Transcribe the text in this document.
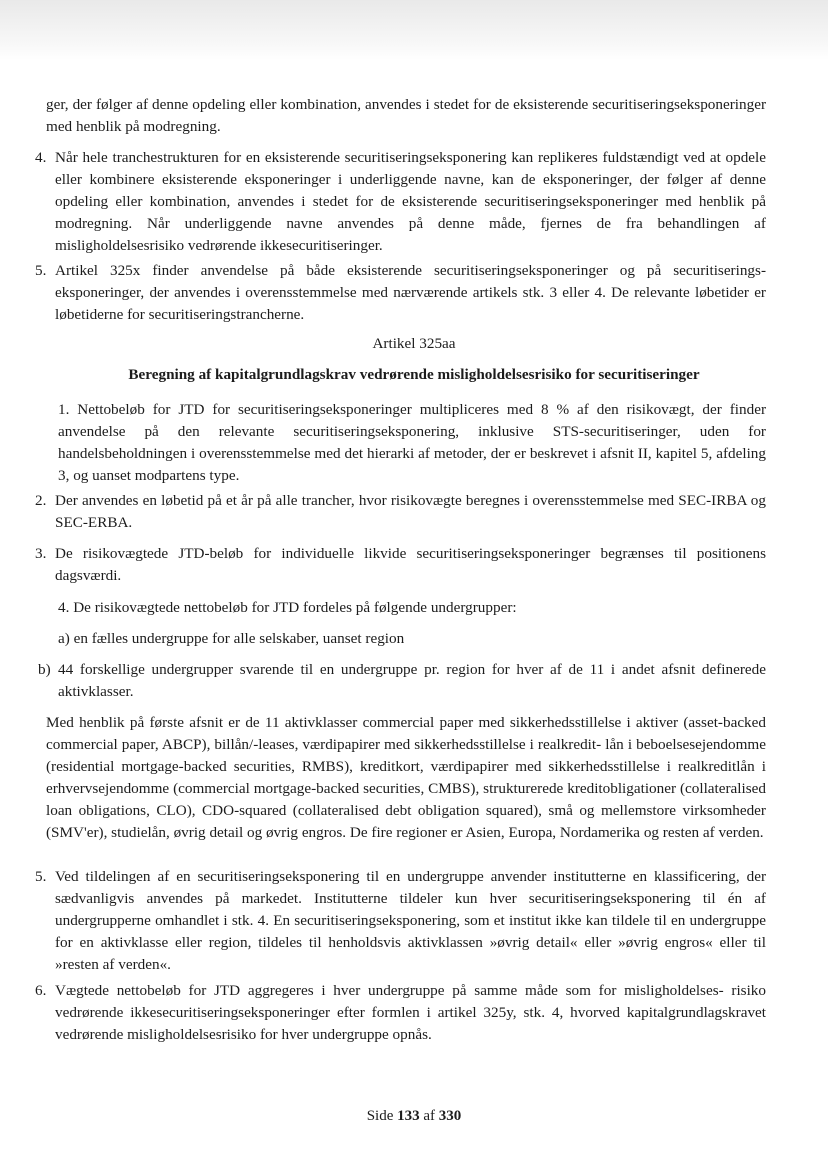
ger, der følger af denne opdeling eller kombination, anvendes i stedet for de eksisterende securitiseringseksponeringer med henblik på modregning.

4. Når hele tranchestrukturen for en eksisterende securitiseringseksponering kan replikeres fuldstændigt ved at opdele eller kombinere eksisterende eksponeringer i underliggende navne, kan de eksponeringer, der følger af denne opdeling eller kombination, anvendes i stedet for de eksisterende securitiseringseksponeringer med henblik på modregning. Når underliggende navne anvendes på denne måde, fjernes de fra behandlingen af misligholdelsesrisiko vedrørende ikkesecuritiseringer.
5. Artikel 325x finder anvendelse på både eksisterende securitiseringseksponeringer og på securitiseringseksponeringer, der anvendes i overensstemmelse med nærværende artikels stk. 3 eller 4. De relevante løbetider er løbetiderne for securitiseringstrancherne.

Artikel 325aa

Beregning af kapitalgrundlagskrav vedrørende misligholdelsesrisiko for securitiseringer

1. Nettobeløb for JTD for securitiseringseksponeringer multipliceres med 8 % af den risikovægt, der finder anvendelse på den relevante securitiseringseksponering, inklusive STS-securitiseringer, uden for handelsbeholdningen i overensstemmelse med det hierarki af metoder, der er beskrevet i afsnit II, kapitel 5, afdeling 3, og uanset modpartens type.

2. Der anvendes en løbetid på et år på alle trancher, hvor risikovægte beregnes i overensstemmelse med SEC-IRBA og SEC-ERBA.
3. De risikovægtede JTD-beløb for individuelle likvide securitiseringseksponeringer begrænses til positionens dagsværdi.

4. De risikovægtede nettobeløb for JTD fordeles på følgende undergrupper:

a) en fælles undergruppe for alle selskaber, uanset region

b) 44 forskellige undergrupper svarende til en undergruppe pr. region for hver af de 11 i andet afsnit definerede aktivklasser.

Med henblik på første afsnit er de 11 aktivklasser commercial paper med sikkerhedsstillelse i aktiver (asset-backed commercial paper, ABCP), billån/-leases, værdipapirer med sikkerhedsstillelse i realkredit- lån i beboelsesejendomme (residential mortgage-backed securities, RMBS), kreditkort, værdipapirer med sikkerhedsstillelse i realkreditlån i erhvervsejendomme (commercial mortgage-backed securities, CMBS), strukturerede kreditobligationer (collateralised loan obligations, CLO), CDO-squared (collateralised debt obligation squared), små og mellemstore virksomheder (SMV'er), studielån, øvrig detail og øvrig engros. De fire regioner er Asien, Europa, Nordamerika og resten af verden.

5. Ved tildelingen af en securitiseringseksponering til en undergruppe anvender institutterne en klassificering, der sædvanligvis anvendes på markedet. Institutterne tildeler kun hver securitiseringseksponering til én af undergrupperne omhandlet i stk. 4. En securitiseringseksponering, som et institut ikke kan tildele til en undergruppe for en aktivklasse eller region, tildeles til henholdsvis aktivklassen »øvrig detail« eller »øvrig engros« eller til »resten af verden«.
6. Vægtede nettobeløb for JTD aggregeres i hver undergruppe på samme måde som for misligholdelses- risiko vedrørende ikkesecuritiseringseksponeringer efter formlen i artikel 325y, stk. 4, hvorved kapitalgrundlagskravet vedrørende misligholdelsesrisiko for hver undergruppe opnås.
Side 133 af 330
